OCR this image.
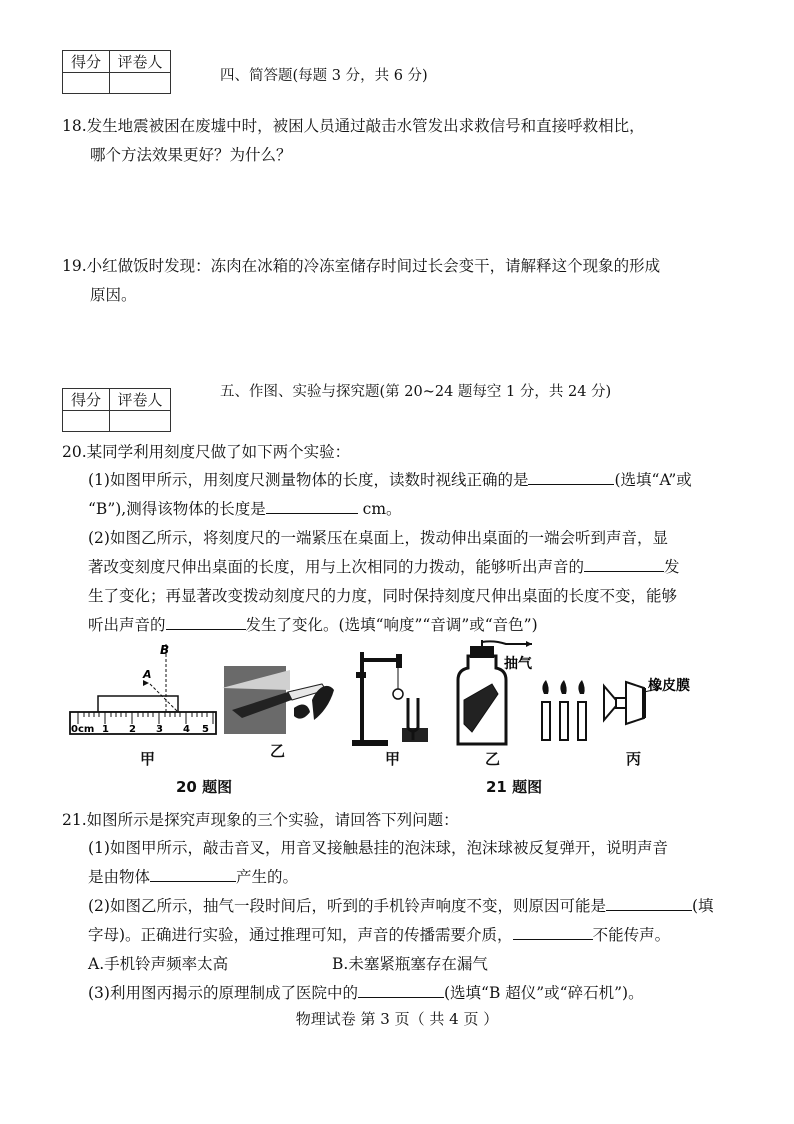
得分	评卷人

四、简答题(每题 3 分，共 6 分)
18.发生地震被困在废墟中时，被困人员通过敲击水管发出求救信号和直接呼救相比，
哪个方法效果更好？为什么？
19.小红做饭时发现：冻肉在冰箱的冷冻室储存时间过长会变干，请解释这个现象的形成
原因。
得分	评卷人
		五、作图、实验与探究题(第 20~24 题每空 1 分，共 24 分)
20.某同学利用刻度尺做了如下两个实验：
(1)如图甲所示，用刻度尺测量物体的长度，读数时视线正确的是	(选填“A”或
“B”),测得该物体的长度是	cm。
(2)如图乙所示，将刻度尺的一端紧压在桌面上，拨动伸出桌面的一端会听到声音，显
著改变刻度尺伸出桌面的长度，用与上次相同的力拨动，能够听出声音的	发
生了变化；再显著改变拨动刻度尺的力度，同时保持刻度尺伸出桌面的长度不变，能够
听出声音的	发生了变化。(选填“响度”“音调”或“音色”)
0cm 1 2 3 4 5
B
A
抽气
橡皮膜
甲	乙	甲	乙	丙
20 题图	21 题图
21.如图所示是探究声现象的三个实验，请回答下列问题：
(1)如图甲所示，敲击音叉，用音叉接触悬挂的泡沫球，泡沫球被反复弹开，说明声音
是由物体	产生的。
(2)如图乙所示，抽气一段时间后，听到的手机铃声响度不变，则原因可能是	(填
字母)。正确进行实验，通过推理可知，声音的传播需要介质，	不能传声。
A.手机铃声频率太高	B.未塞紧瓶塞存在漏气
(3)利用图丙揭示的原理制成了医院中的	(选填“B 超仪”或“碎石机”)。
物理试卷 第 3 页（ 共 4 页 ）
